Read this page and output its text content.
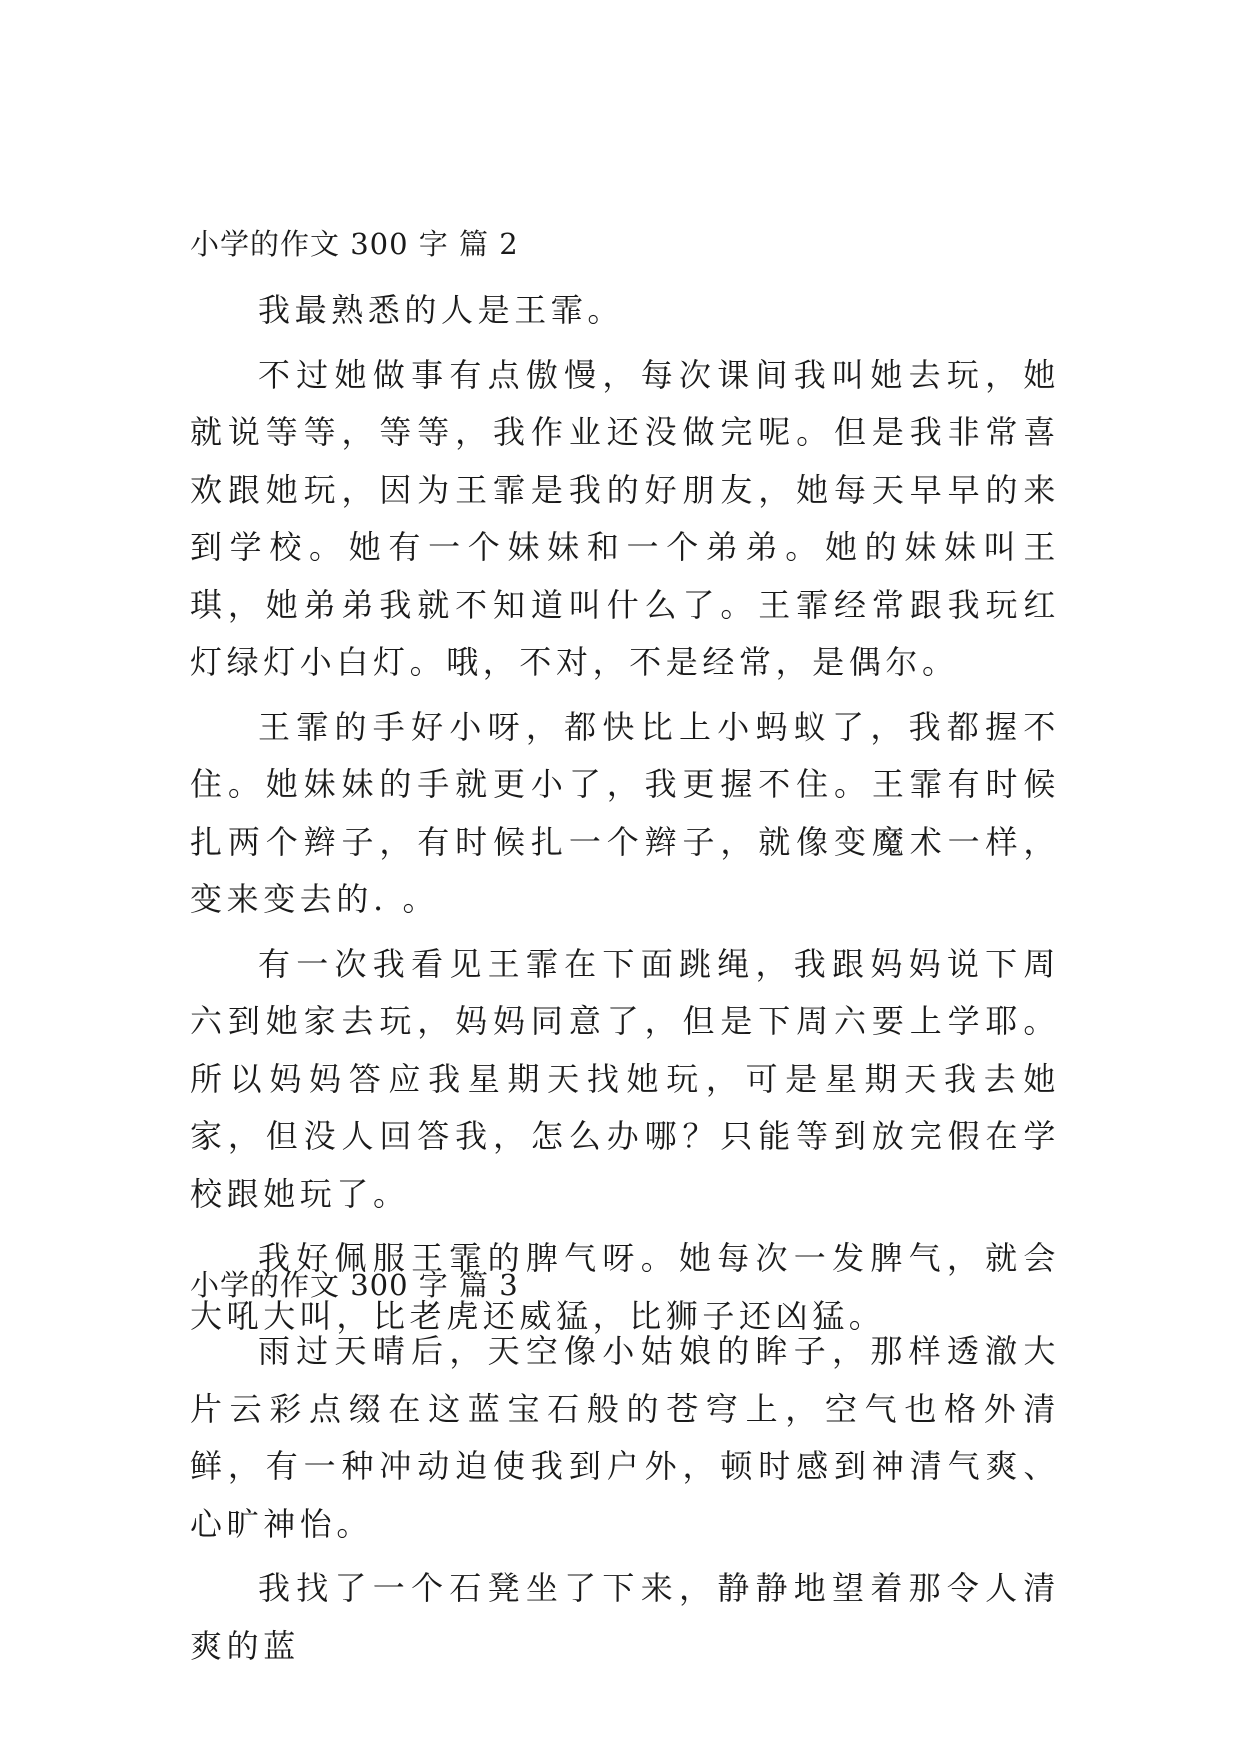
小学的作文 300 字 篇 2

我最熟悉的人是王霏。

不过她做事有点傲慢，每次课间我叫她去玩，她就说等等，等等，我作业还没做完呢。但是我非常喜欢跟她玩，因为王霏是我的好朋友，她每天早早的来到学校。她有一个妹妹和一个弟弟。她的妹妹叫王琪，她弟弟我就不知道叫什么了。王霏经常跟我玩红灯绿灯小白灯。哦，不对，不是经常，是偶尔。

王霏的手好小呀，都快比上小蚂蚁了，我都握不住。她妹妹的手就更小了，我更握不住。王霏有时候扎两个辫子，有时候扎一个辫子，就像变魔术一样，变来变去的. 。

有一次我看见王霏在下面跳绳，我跟妈妈说下周六到她家去玩，妈妈同意了，但是下周六要上学耶。所以妈妈答应我星期天找她玩，可是星期天我去她家，但没人回答我，怎么办哪？只能等到放完假在学校跟她玩了。

我好佩服王霏的脾气呀。她每次一发脾气，就会大吼大叫，比老虎还威猛，比狮子还凶猛。

小学的作文 300 字 篇 3

雨过天晴后，天空像小姑娘的眸子，那样透澈大片云彩点缀在这蓝宝石般的苍穹上，空气也格外清鲜，有一种冲动迫使我到户外，顿时感到神清气爽、心旷神怡。

我找了一个石凳坐了下来，静静地望着那令人清爽的蓝
